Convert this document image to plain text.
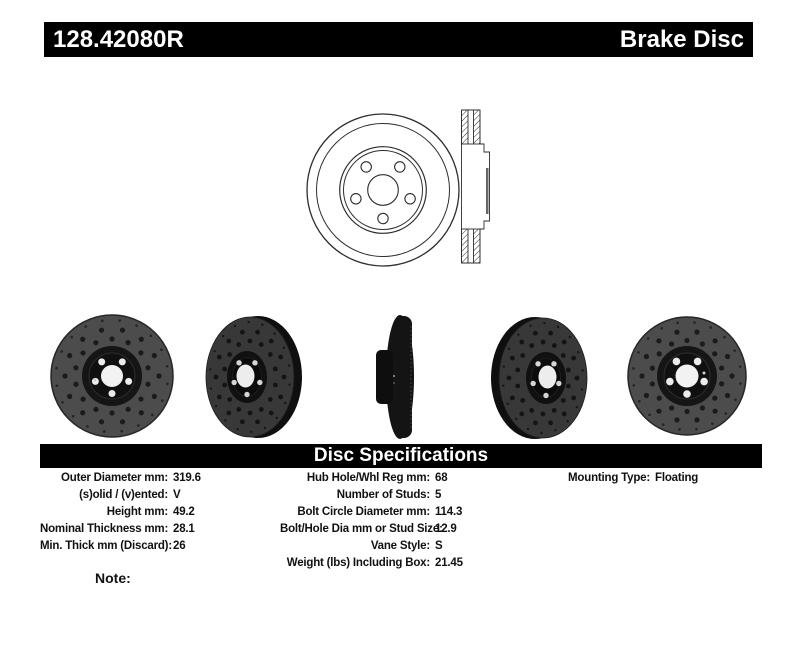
128.42080R	Brake Disc
Disc Specifications
Outer Diameter mm : 319.6
(s)olid / (v)ented : V
Height mm : 49.2
Nominal Thickness mm : 28.1
Min. Thick mm (Discard) : 26
Hub Hole/Whl Reg mm : 68
Number of Studs : 5
Bolt Circle Diameter mm : 114.3
Bolt/Hole Dia mm or Stud Size :
12.9
Vane Style : S
Weight (lbs) Including Box : 21.45
Mounting Type : Floating
Note:
